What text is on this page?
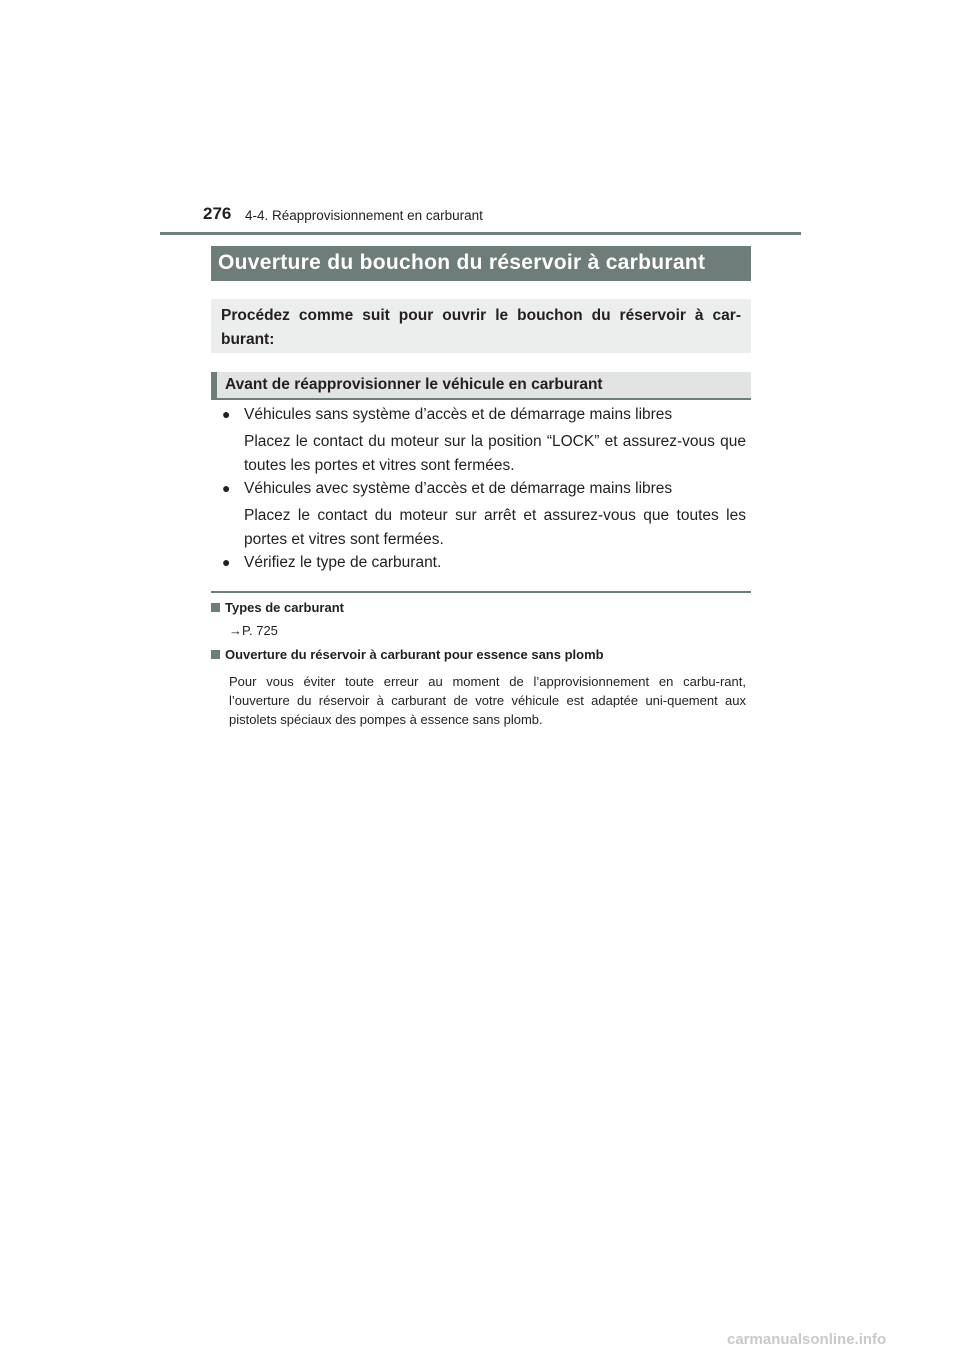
276 4-4. Réapprovisionnement en carburant
Ouverture du bouchon du réservoir à carburant
Procédez comme suit pour ouvrir le bouchon du réservoir à car-burant:
Avant de réapprovisionner le véhicule en carburant
● Véhicules sans système d’accès et de démarrage mains libres
Placez le contact du moteur sur la position “LOCK” et assurez-vous que toutes les portes et vitres sont fermées.
● Véhicules avec système d’accès et de démarrage mains libres
Placez le contact du moteur sur arrêt et assurez-vous que toutes les portes et vitres sont fermées.
● Vérifiez le type de carburant.
Types de carburant
→P. 725
Ouverture du réservoir à carburant pour essence sans plomb
Pour vous éviter toute erreur au moment de l’approvisionnement en carbu-rant, l’ouverture du réservoir à carburant de votre véhicule est adaptée uni-quement aux pistolets spéciaux des pompes à essence sans plomb.
carmanualsonline.info
